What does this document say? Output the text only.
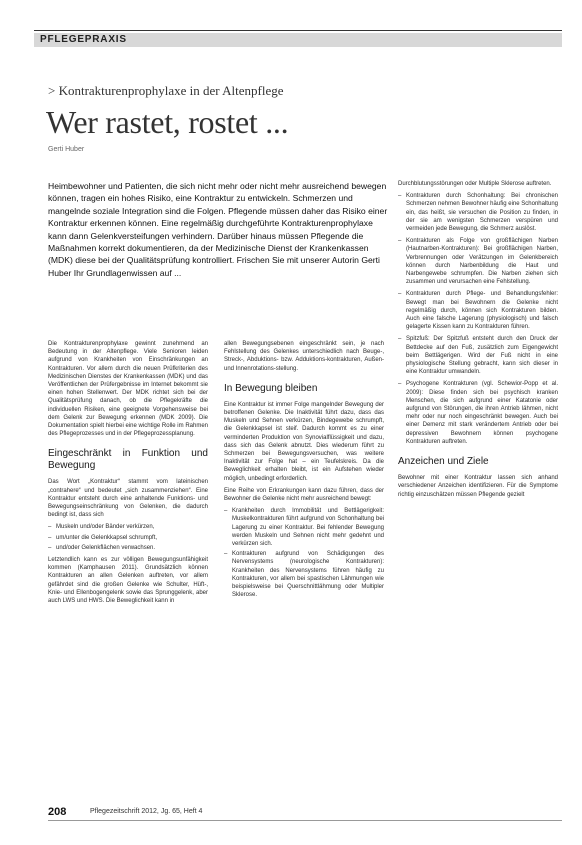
PFLEGEPRAXIS
> Kontrakturenprophylaxe in der Altenpflege
Wer rastet, rostet ...
Gerti Huber

Heimbewohner und Patienten, die sich nicht mehr oder nicht mehr ausreichend bewegen können, tragen ein hohes Risiko, eine Kontraktur zu entwickeln. Schmerzen und mangelnde soziale Integration sind die Folgen. Pflegende müssen daher das Risiko einer Kontraktur erkennen können. Eine regelmäßig durchgeführte Kontrakturenprophylaxe kann dann Gelenkversteifungen verhindern. Darüber hinaus müssen Pflegende die Maßnahmen korrekt dokumentieren, da der Medizinische Dienst der Krankenkassen (MDK) diese bei der Qualitätsprüfung kontrolliert. Frischen Sie mit unserer Autorin Gerti Huber Ihr Grundlagenwissen auf ...

Die Kontrakturenprophylaxe gewinnt zunehmend an Bedeutung in der Altenpflege. Viele Senioren leiden aufgrund von Krankheiten von Einschränkungen an Kontrakturen. Vor allem durch die neuen Prüfkriterien des Medizinischen Dienstes der Krankenkassen (MDK) und das Veröffentlichen der Prüfergebnisse im Internet bekommt sie einen hohen Stellenwert. Der MDK richtet sich bei der Qualitätsprüfung danach, ob die Pflegekräfte die individuellen Risiken, eine geeignete Vorgehensweise bei dem Gelenk zur Bewegung erkennen (MDK 2009). Die Dokumentation spielt hierbei eine wichtige Rolle im Rahmen des Pflegeprozesses und in der Pflegeprozessplanung.

Eingeschränkt in Funktion und Bewegung

Das Wort „Kontraktur“ stammt vom lateinischen „contrahere“ und bedeutet „sich zusammenziehen“. Eine Kontraktur entsteht durch eine anhaltende Funktions- und Bewegungseinschränkung von Gelenken, die dadurch bedingt ist, dass sich

– Muskeln und/oder Bänder verkürzen,
– um/unter die Gelenkkapsel schrumpft,
– und/oder Gelenkflächen verwachsen.

Letztendlich kann es zur völligen Bewegungsunfähigkeit kommen (Kamphausen 2011). Grundsätzlich können Kontrakturen an allen Gelenken auftreten, vor allem gefährdet sind die großen Gelenke wie Schulter, Hüft-, Knie- und Ellenbogengelenk sowie das Sprunggelenk, aber auch LWS und HWS. Die Beweglichkeit kann in

allen Bewegungsebenen eingeschränkt sein, je nach Fehlstellung des Gelenkes unterschiedlich nach Beuge-, Streck-, Abduktions- bzw. Adduktions-kontrakturen, Außen- und Innenrotations-stellung.

In Bewegung bleiben

Eine Kontraktur ist immer Folge mangelnder Bewegung der betroffenen Gelenke. Die Inaktivität führt dazu, dass das Muskeln und Sehnen verkürzen, Bindegewebe schrumpft, die Gelenkkapsel ist steif. Dadurch kommt es zu einer verminderten Produktion von Synovialflüssigkeit und dazu, dass sich das Gelenk abnutzt. Dies wiederum führt zu Schmerzen bei Bewegungsversuchen, was weitere Inaktivität zur Folge hat – ein Teufelskreis. Da die Beweglichkeit erhalten bleibt, ist ein Aufstehen wieder möglich, unbedingt erforderlich.

Eine Reihe von Erkrankungen kann dazu führen, dass der Bewohner die Gelenke nicht mehr ausreichend bewegt:

– Krankheiten durch Immobilität und Bettlägerigkeit: Muskelkontrakturen führt aufgrund von Schonhaltung bei Lagerung zu einer Kontraktur. Bei fehlender Bewegung werden Muskeln und Sehnen nicht mehr gedehnt und verkürzen sich.
– Kontrakturen aufgrund von Schädigungen des Nervensystems (neurologische Kontrakturen): Krankheiten des Nervensystems führen häufig zu Kontrakturen, vor allem bei spastischen Lähmungen wie beispielsweise bei Querschnittlähmung oder Multipler Sklerose.

Durchblutungsstörungen oder Multiple Sklerose auftreten.

– Kontrakturen durch Schonhaltung: Bei chronischen Schmerzen nehmen Bewohner häufig eine Schonhaltung ein, das heißt, sie versuchen die Position zu finden, in der sie am wenigsten Schmerzen verspüren und vermeiden jede Bewegung, die Schmerz auslöst.
– Kontrakturen als Folge von großflächigen Narben (Hautnarben-Kontrakturen): Bei großflächigen Narben, Verbrennungen oder Verätzungen im Gelenkbereich können durch Narbenbildung die Haut und Narbengewebe schrumpfen. Die Narben ziehen sich zusammen und verursachen eine Fehlstellung.
– Kontrakturen durch Pflege- und Behandlungsfehler: Bewegt man bei Bewohnern die Gelenke nicht regelmäßig durch, können sich Kontrakturen bilden. Auch eine falsche Lagerung (physiologisch) und falsch gelagerte Kissen kann zu Kontrakturen führen.
– Spitzfuß: Der Spitzfuß entsteht durch den Druck der Bettdecke auf den Fuß, zusätzlich zum Eigengewicht beim Bettlägerigen. Wird der Fuß nicht in eine physiologische Stellung gebracht, kann sich dieser in eine Kontraktur umwandeln.
– Psychogene Kontrakturen (vgl. Schewior-Popp et al. 2009): Diese finden sich bei psychisch kranken Menschen, die sich aufgrund einer Katatonie oder aufgrund von Störungen, die ihren Antrieb lähmen, nicht mehr oder nur noch eingeschränkt bewegen. Auch bei einer Demenz mit stark verändertem Antrieb oder bei depressiven Bewohnern können psychogene Kontrakturen auftreten.
Anzeichen und Ziele

Bewohner mit einer Kontraktur lassen sich anhand verschiedener Anzeichen identifizieren. Für die Symptome richtig einzuschätzen müssen Pflegende gezielt

208	Pflegezeitschrift 2012, Jg. 65, Heft 4
